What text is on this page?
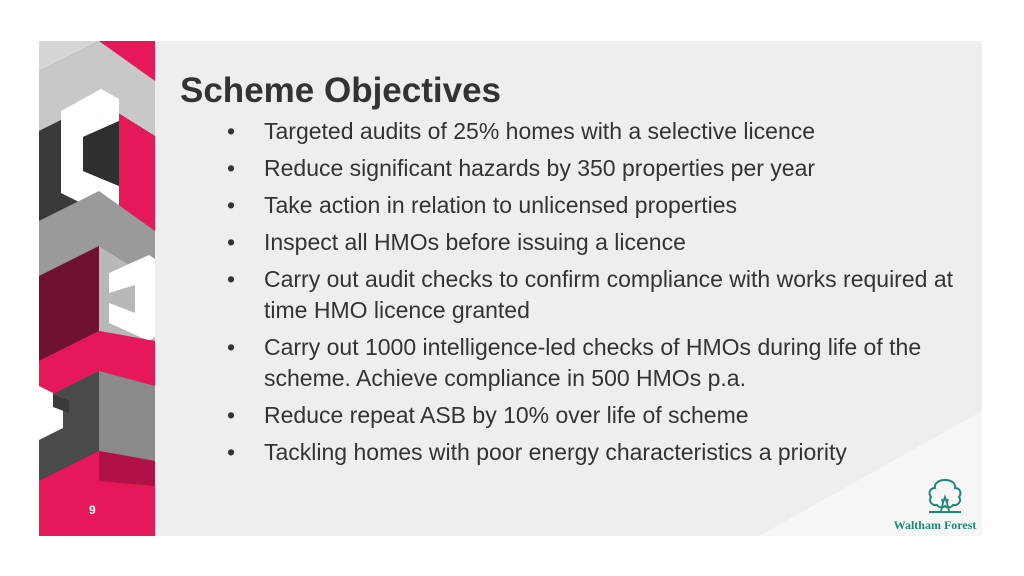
Scheme Objectives
• Targeted audits of 25% homes with a selective licence
• Reduce significant hazards by 350 properties per year
• Take action in relation to unlicensed properties
• Inspect all HMOs before issuing a licence
• Carry out audit checks to confirm compliance with works required at time HMO licence granted
• Carry out 1000 intelligence-led checks of HMOs during life of the scheme. Achieve compliance in 500 HMOs p.a.
• Reduce repeat ASB by 10% over life of scheme
• Tackling homes with poor energy characteristics a priority
9
Waltham Forest
